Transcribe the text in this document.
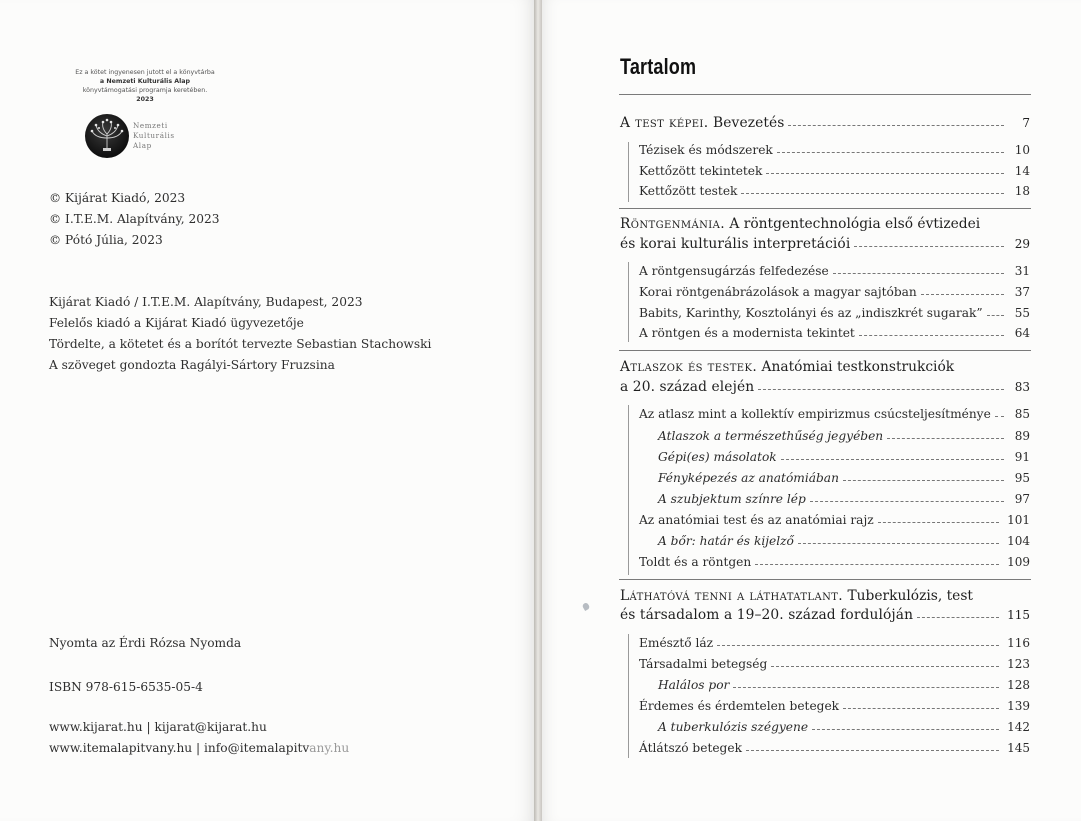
Ez a kötet ingyenesen jutott el a könyvtárba
a Nemzeti Kulturális Alap
könyvtámogatási programja keretében.
2023
Nemzeti
Kulturális
Alap
© Kijárat Kiadó, 2023
© I.T.E.M. Alapítvány, 2023
© Pótó Júlia, 2023
Kijárat Kiadó / I.T.E.M. Alapítvány, Budapest, 2023
Felelős kiadó a Kijárat Kiadó ügyvezetője
Tördelte, a kötetet és a borítót tervezte Sebastian Stachowski
A szöveget gondozta Ragályi-Sártory Fruzsina
Nyomta az Érdi Rózsa Nyomda
ISBN 978-615-6535-05-4
www.kijarat.hu | kijarat@kijarat.hu
www.itemalapitvany.hu | info@itemalapitvany.hu
Tartalom
A test képei. Bevezetés	7
Tézisek és módszerek	10
Kettőzött tekintetek	14
Kettőzött testek	18
Röntgenmánia. A röntgentechnológia első évtizedei
és korai kulturális interpretációi	29
A röntgensugárzás felfedezése	31
Korai röntgenábrázolások a magyar sajtóban	37
Babits, Karinthy, Kosztolányi és az „indiszkrét sugarak”	55
A röntgen és a modernista tekintet	64
Atlaszok és testek. Anatómiai testkonstrukciók
a 20. század elején	83
Az atlasz mint a kollektív empirizmus csúcsteljesítménye 85
Atlaszok a természethűség jegyében	89
Gépi(es) másolatok	91
Fényképezés az anatómiában	95
A szubjektum színre lép	97
Az anatómiai test és az anatómiai rajz	101
A bőr: határ és kijelző	104
Toldt és a röntgen	109
Láthatóvá tenni a láthatatlant. Tuberkulózis, test
és társadalom a 19–20. század fordulóján	115
Emésztő láz	116
Társadalmi betegség	123
Halálos por	128
Érdemes és érdemtelen betegek	139
A tuberkulózis szégyene	142
Átlátszó betegek	145
